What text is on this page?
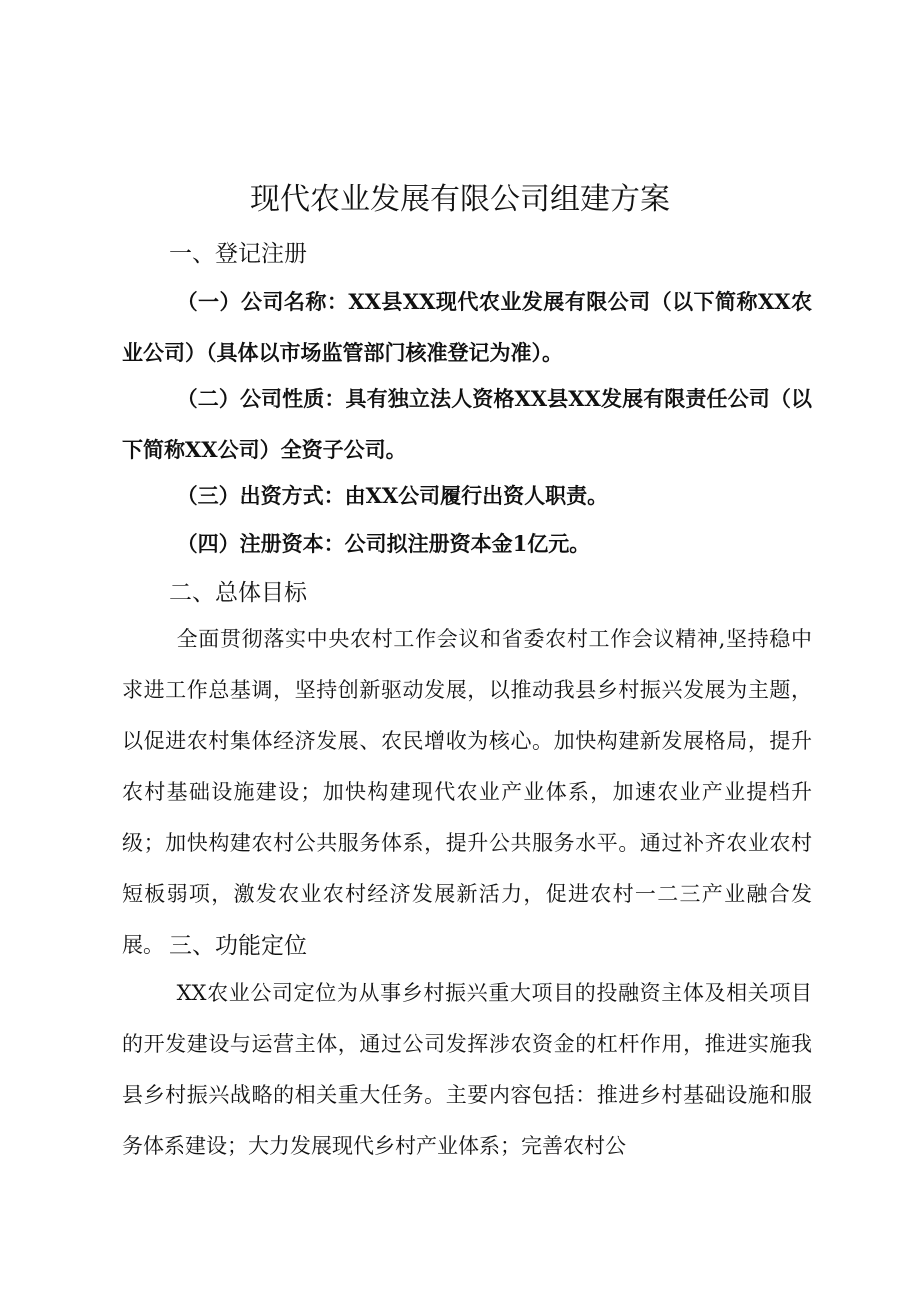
现代农业发展有限公司组建方案
一、登记注册
（一）公司名称：XX县XX现代农业发展有限公司（以下简称XX农业公司）（具体以市场监管部门核准登记为准）。
（二）公司性质：具有独立法人资格XX县XX发展有限责任公司（以下简称XX公司）全资子公司。
（三）出资方式：由XX公司履行出资人职责。
（四）注册资本：公司拟注册资本金1亿元。
二、总体目标
全面贯彻落实中央农村工作会议和省委农村工作会议精神,坚持稳中求进工作总基调，坚持创新驱动发展，以推动我县乡村振兴发展为主题，以促进农村集体经济发展、农民增收为核心。加快构建新发展格局，提升农村基础设施建设；加快构建现代农业产业体系，加速农业产业提档升级；加快构建农村公共服务体系，提升公共服务水平。通过补齐农业农村短板弱项，激发农业农村经济发展新活力，促进农村一二三产业融合发展。 三、功能定位
XX农业公司定位为从事乡村振兴重大项目的投融资主体及相关项目的开发建设与运营主体，通过公司发挥涉农资金的杠杆作用，推进实施我县乡村振兴战略的相关重大任务。主要内容包括：推进乡村基础设施和服务体系建设；大力发展现代乡村产业体系；完善农村公
